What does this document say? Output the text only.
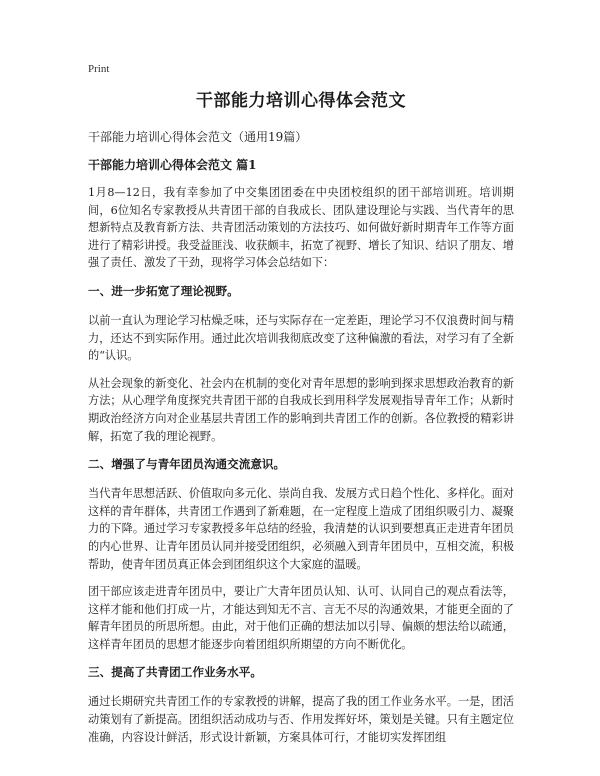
Print
干部能力培训心得体会范文
干部能力培训心得体会范文（通用19篇）
干部能力培训心得体会范文 篇1

1月8—12日，我有幸参加了中交集团团委在中央团校组织的团干部培训班。培训期间，6位知名专家教授从共青团干部的自我成长、团队建设理论与实践、当代青年的思想新特点及教育新方法、共青团活动策划的方法技巧、如何做好新时期青年工作等方面进行了精彩讲授。我受益匪浅、收获颇丰，拓宽了视野、增长了知识、结识了朋友、增强了责任、激发了干劲，现将学习体会总结如下：

一、进一步拓宽了理论视野。

以前一直认为理论学习枯燥乏味，还与实际存在一定差距，理论学习不仅浪费时间与精力，还达不到实际作用。通过此次培训我彻底改变了这种偏激的看法，对学习有了全新的“认识。

从社会现象的新变化、社会内在机制的变化对青年思想的影响到探求思想政治教育的新方法；从心理学角度探究共青团干部的自我成长到用科学发展观指导青年工作；从新时期政治经济方向对企业基层共青团工作的影响到共青团工作的创新。各位教授的精彩讲解，拓宽了我的理论视野。

二、增强了与青年团员沟通交流意识。

当代青年思想活跃、价值取向多元化、崇尚自我、发展方式日趋个性化、多样化。面对这样的青年群体，共青团工作遇到了新难题，在一定程度上造成了团组织吸引力、凝聚力的下降。通过学习专家教授多年总结的经验，我清楚的认识到要想真正走进青年团员的内心世界、让青年团员认同并接受团组织，必须融入到青年团员中，互相交流，积极帮助，使青年团员真正体会到团组织这个大家庭的温暖。

团干部应该走进青年团员中，要让广大青年团员认知、认可、认同自己的观点看法等，这样才能和他们打成一片，才能达到知无不言、言无不尽的沟通效果，才能更全面的了解青年团员的所思所想。由此，对于他们正确的想法加以引导、偏颇的想法给以疏通，这样青年团员的思想才能逐步向着团组织所期望的方向不断优化。

三、提高了共青团工作业务水平。

通过长期研究共青团工作的专家教授的讲解，提高了我的团工作业务水平。一是，团活动策划有了新提高。团组织活动成功与否、作用发挥好坏，策划是关键。只有主题定位准确，内容设计鲜活，形式设计新颖，方案具体可行，才能切实发挥团组
